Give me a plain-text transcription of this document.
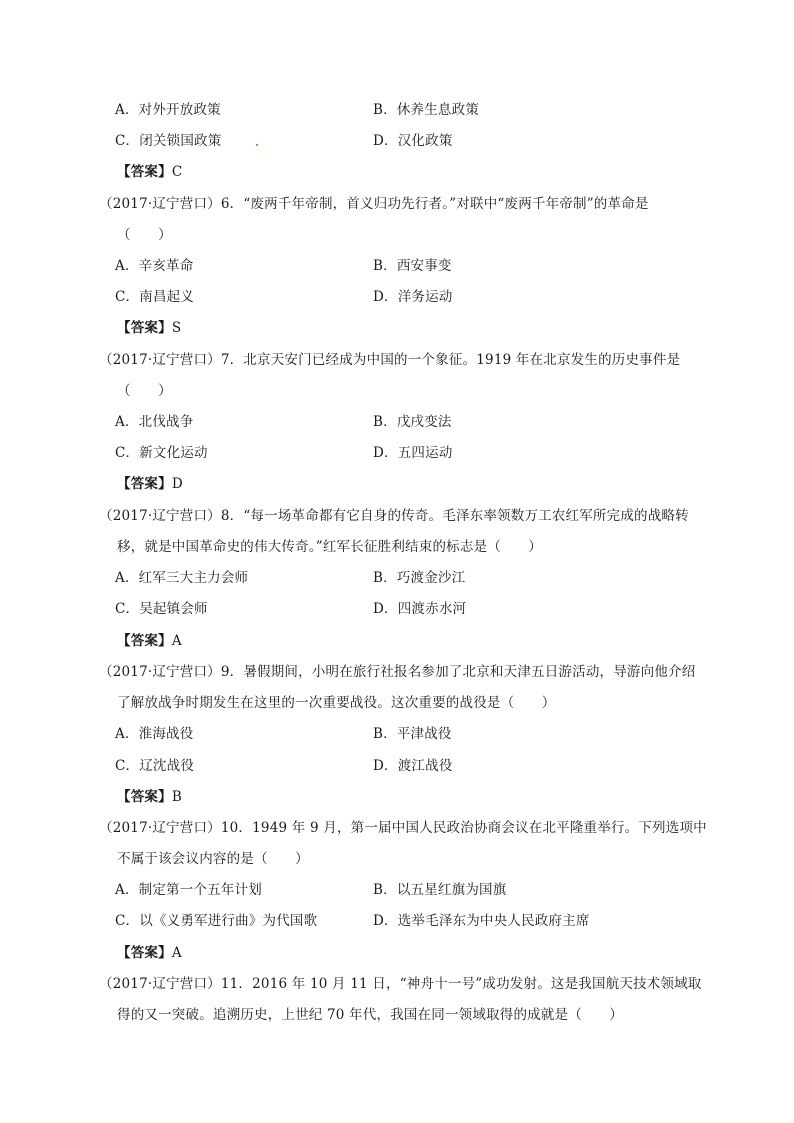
A．对外开放政策	B．休养生息政策
C．闭关锁国政策	D．汉化政策
【答案】C
（2017·辽宁营口）6．“废两千年帝制，首义归功先行者。”对联中“废两千年帝制”的革命是
（　　）
A．辛亥革命	B．西安事变
C．南昌起义	D．洋务运动
【答案】S
（2017·辽宁营口）7．北京天安门已经成为中国的一个象征。1919 年在北京发生的历史事件是
（　　）
A．北伐战争	B．戊戌变法
C．新文化运动	D．五四运动
【答案】D
（2017·辽宁营口）8．“每一场革命都有它自身的传奇。毛泽东率领数万工农红军所完成的战略转
移，就是中国革命史的伟大传奇。”红军长征胜利结束的标志是（　　）
A．红军三大主力会师	B．巧渡金沙江
C．吴起镇会师	D．四渡赤水河
【答案】A
（2017·辽宁营口）9．暑假期间，小明在旅行社报名参加了北京和天津五日游活动，导游向他介绍
了解放战争时期发生在这里的一次重要战役。这次重要的战役是（　　）
A．淮海战役	B．平津战役
C．辽沈战役	D．渡江战役
【答案】B
（2017·辽宁营口）10．1949 年 9 月，第一届中国人民政治协商会议在北平隆重举行。下列选项中
不属于该会议内容的是（　　）
A．制定第一个五年计划	B．以五星红旗为国旗
C．以《义勇军进行曲》为代国歌	D．选举毛泽东为中央人民政府主席
【答案】A
（2017·辽宁营口）11．2016 年 10 月 11 日，“神舟十一号”成功发射。这是我国航天技术领域取
得的又一突破。追溯历史，上世纪 70 年代，我国在同一领域取得的成就是（　　）
